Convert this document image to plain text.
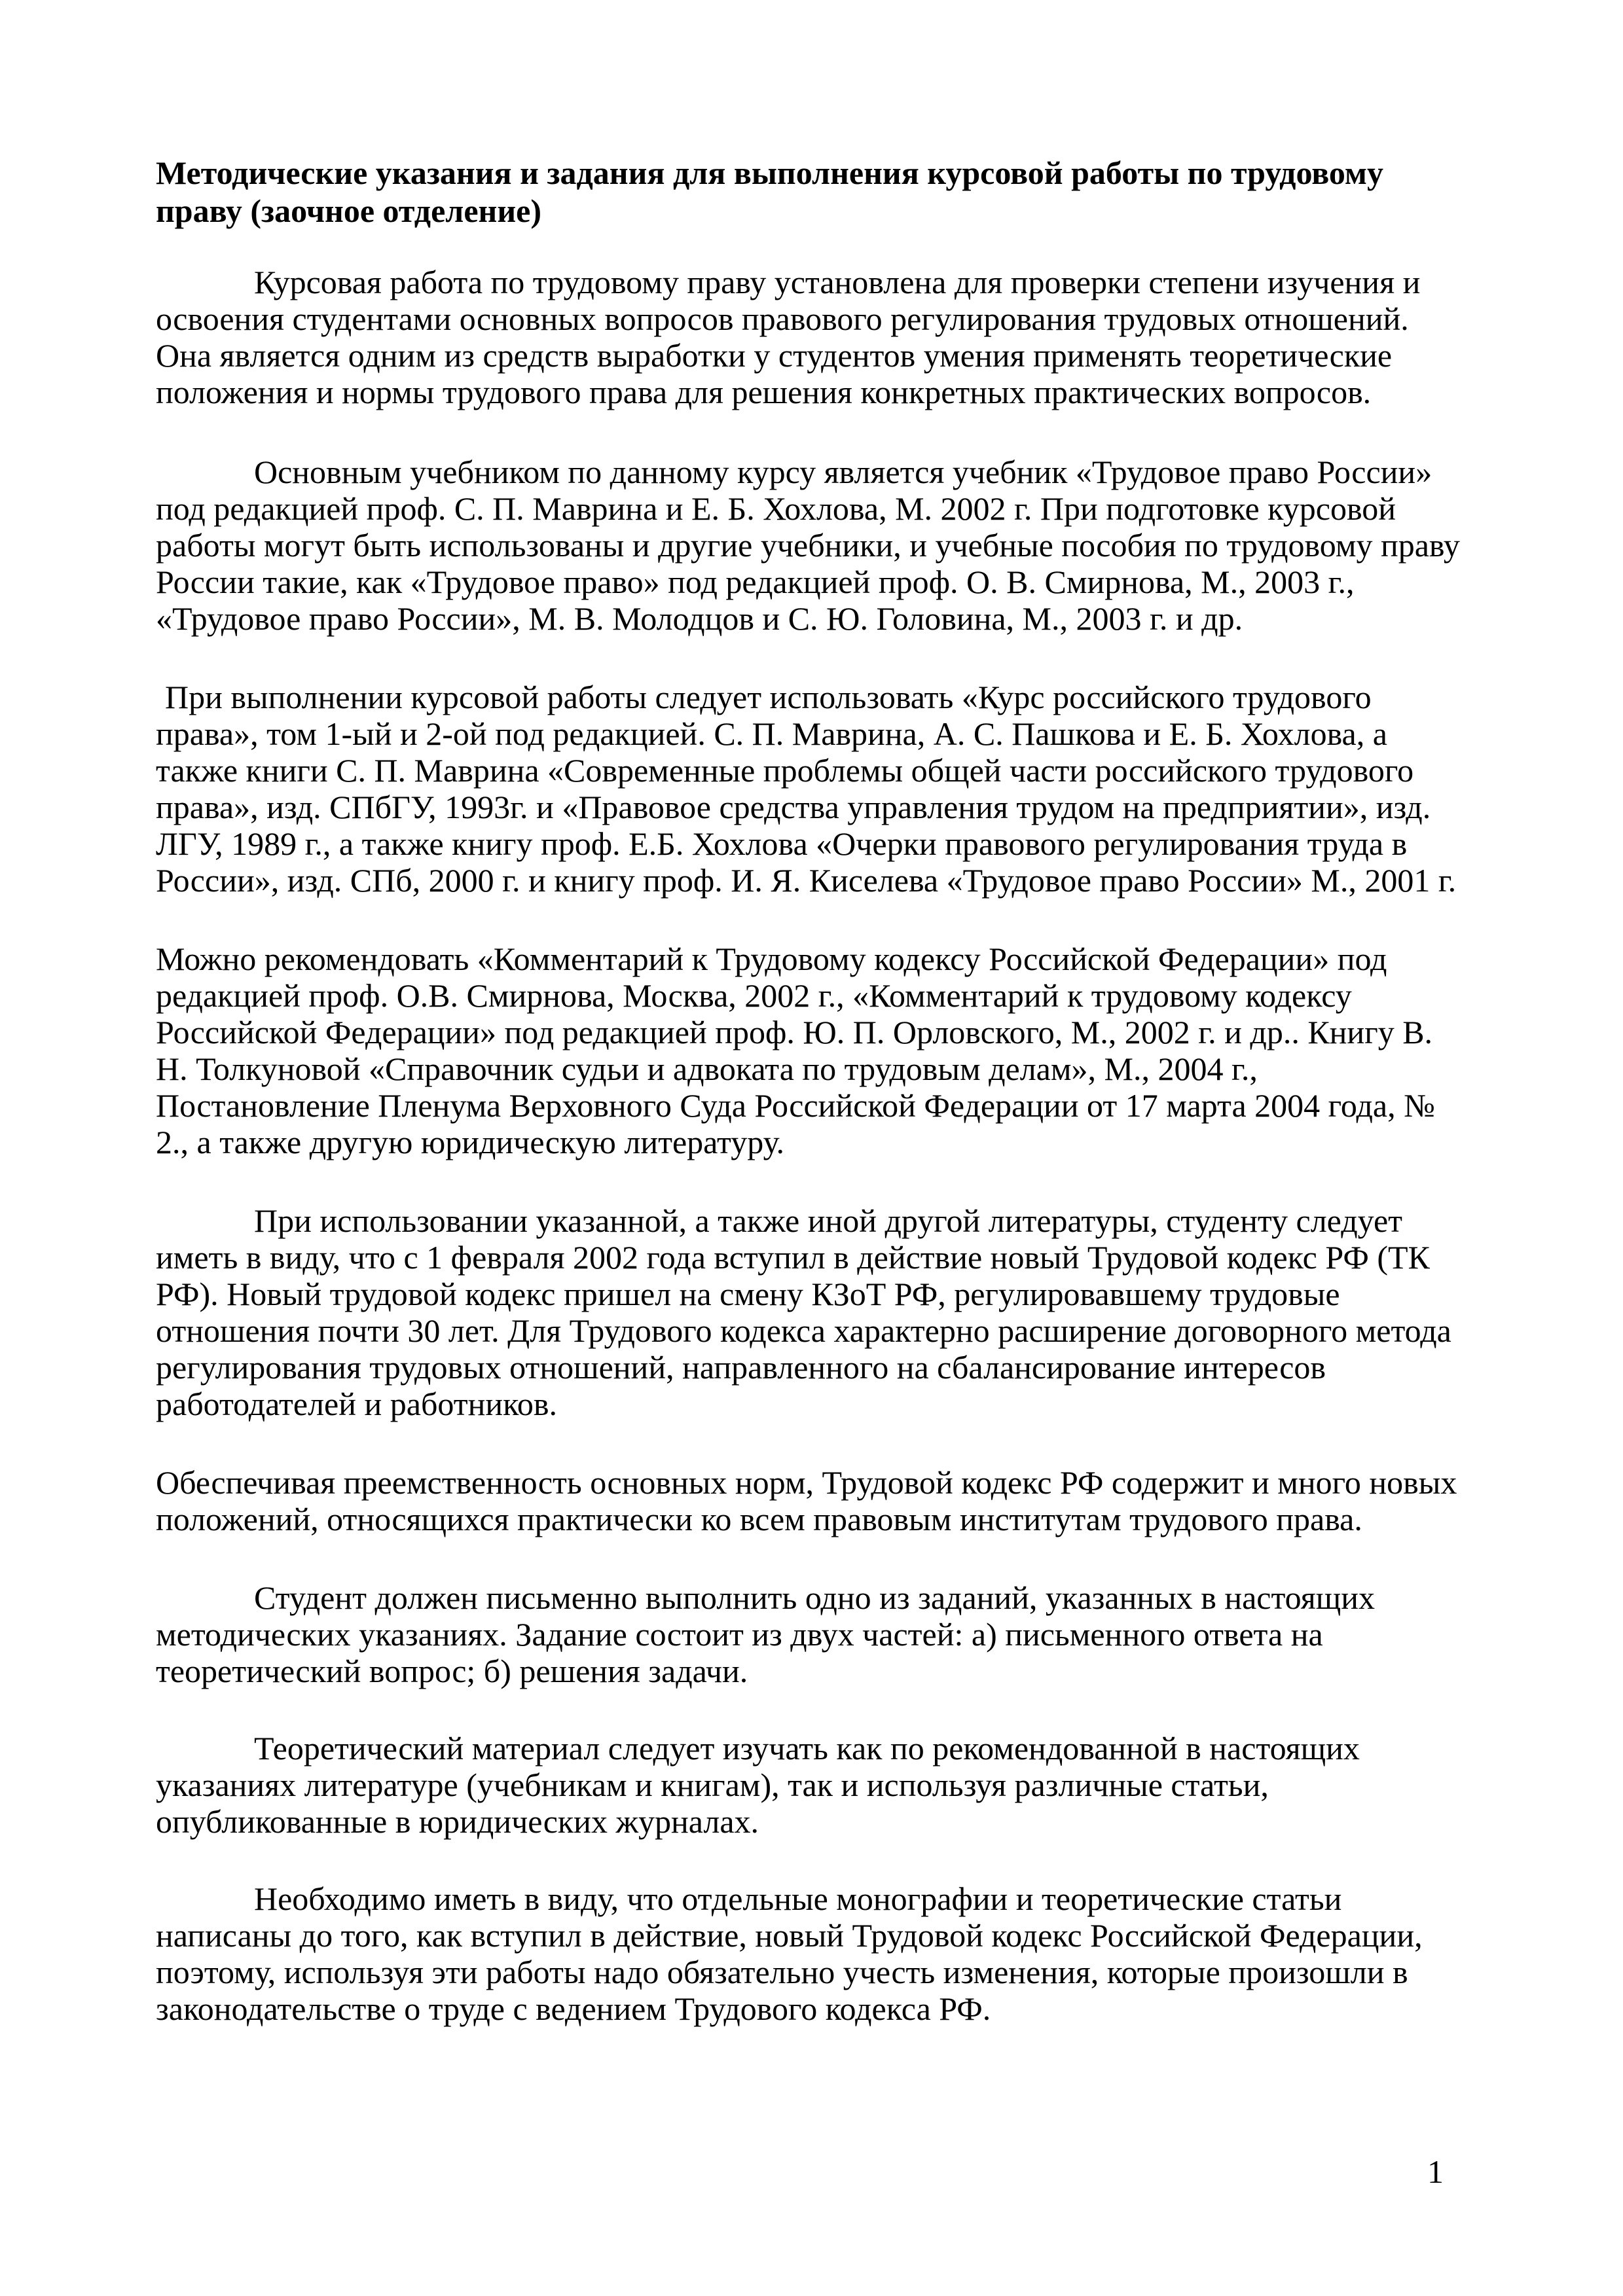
Методические указания и задания для выполнения курсовой работы по трудовому
праву (заочное отделение)

Курсовая работа по трудовому праву установлена для проверки степени изучения и
освоения студентами основных вопросов правового регулирования трудовых отношений.
Она является одним из средств выработки у студентов умения применять теоретические
положения и нормы трудового права для решения конкретных практических вопросов.

Основным учебником по данному курсу является учебник «Трудовое право России»
под редакцией проф. С. П. Маврина и Е. Б. Хохлова, М. 2002 г. При подготовке курсовой
работы могут быть использованы и другие учебники, и учебные пособия по трудовому праву
России такие, как «Трудовое право» под редакцией проф. О. В. Смирнова, М., 2003 г.,
«Трудовое право России», М. В. Молодцов и С. Ю. Головина, М., 2003 г. и др.

При выполнении курсовой работы следует использовать «Курс российского трудового
права», том 1-ый и 2-ой под редакцией. С. П. Маврина, А. С. Пашкова и Е. Б. Хохлова, а
также книги С. П. Маврина «Современные проблемы общей части российского трудового
права», изд. СПбГУ, 1993г. и «Правовое средства управления трудом на предприятии», изд.
ЛГУ, 1989 г., а также книгу проф. Е.Б. Хохлова «Очерки правового регулирования труда в
России», изд. СПб, 2000 г. и книгу проф. И. Я. Киселева «Трудовое право России» М., 2001 г.

Можно рекомендовать «Комментарий к Трудовому кодексу Российской Федерации» под
редакцией проф. О.В. Смирнова, Москва, 2002 г., «Комментарий к трудовому кодексу
Российской Федерации» под редакцией проф. Ю. П. Орловского, М., 2002 г. и др.. Книгу В.
Н. Толкуновой «Справочник судьи и адвоката по трудовым делам», М., 2004 г.,
Постановление Пленума Верховного Суда Российской Федерации от 17 марта 2004 года, №
2., а также другую юридическую литературу.

При использовании указанной, а также иной другой литературы, студенту следует
иметь в виду, что с 1 февраля 2002 года вступил в действие новый Трудовой кодекс РФ (ТК
РФ). Новый трудовой кодекс пришел на смену КЗоТ РФ, регулировавшему трудовые
отношения почти 30 лет. Для Трудового кодекса характерно расширение договорного метода
регулирования трудовых отношений, направленного на сбалансирование интересов
работодателей и работников.

Обеспечивая преемственность основных норм, Трудовой кодекс РФ содержит и много новых
положений, относящихся практически ко всем правовым институтам трудового права.

Студент должен письменно выполнить одно из заданий, указанных в настоящих
методических указаниях. Задание состоит из двух частей: а) письменного ответа на
теоретический вопрос; б) решения задачи.

Теоретический материал следует изучать как по рекомендованной в настоящих
указаниях литературе (учебникам и книгам), так и используя различные статьи,
опубликованные в юридических журналах.

Необходимо иметь в виду, что отдельные монографии и теоретические статьи
написаны до того, как вступил в действие, новый Трудовой кодекс Российской Федерации,
поэтому, используя эти работы надо обязательно учесть изменения, которые произошли в
законодательстве о труде с ведением Трудового кодекса РФ.

1
